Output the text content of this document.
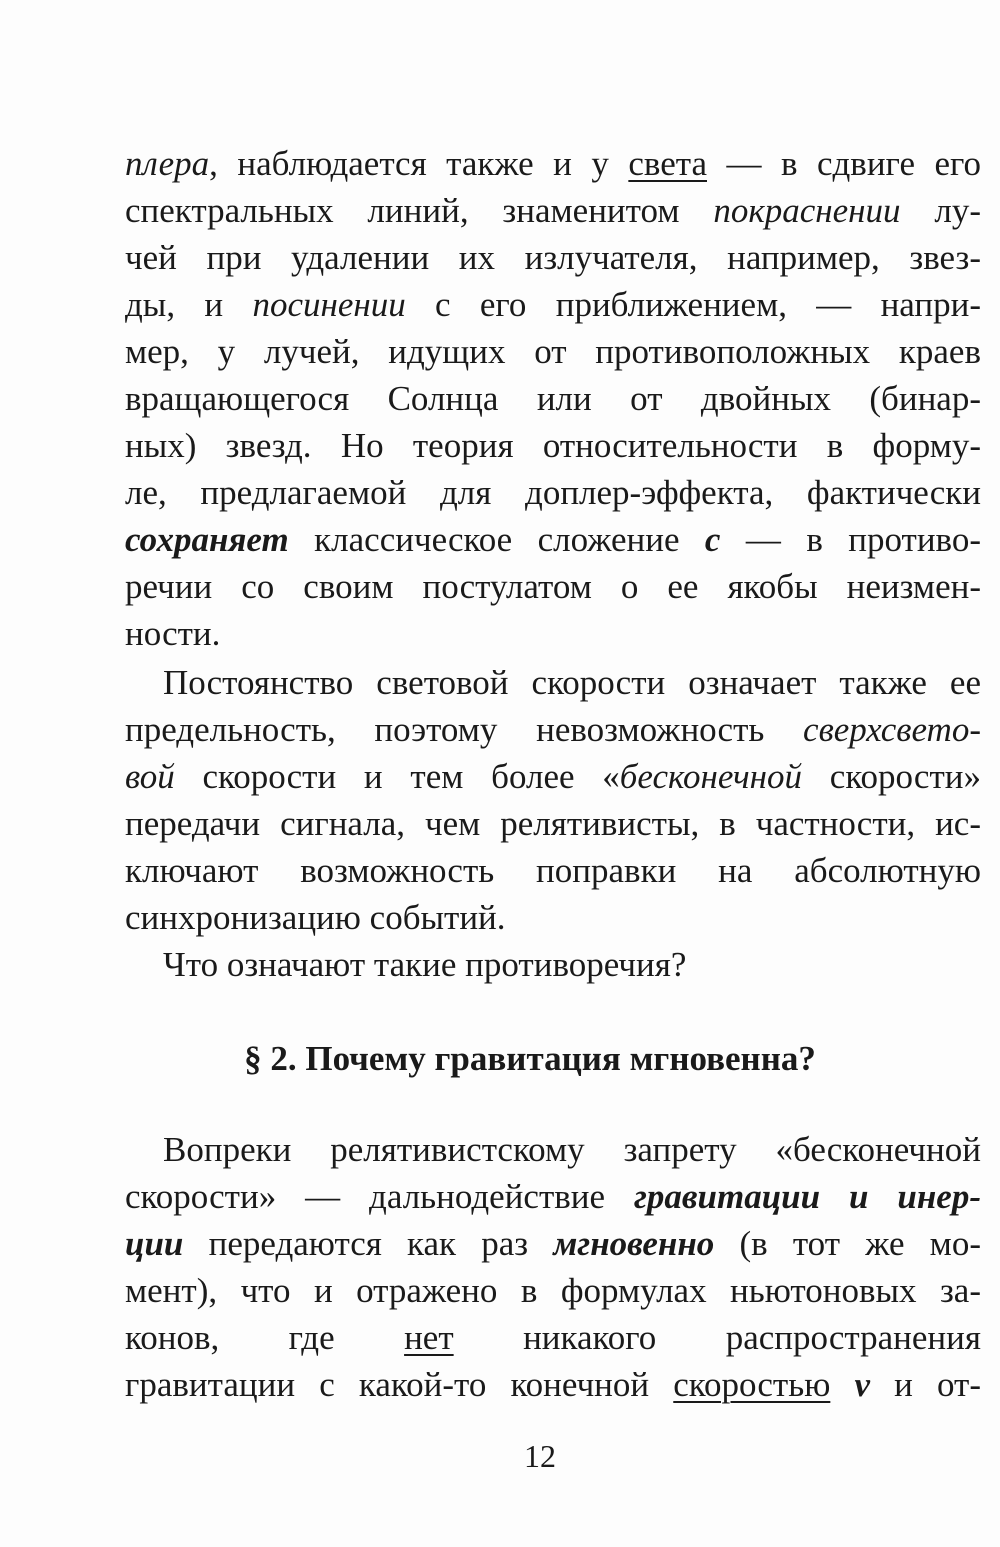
плера, наблюдается также и у света — в сдвиге его
спектральных линий, знаменитом покраснении лу-
чей при удалении их излучателя, например, звез-
ды, и посинении с его приближением, — напри-
мер, у лучей, идущих от противоположных краев
вращающегося Солнца или от двойных (бинар-
ных) звезд. Но теория относительности в форму-
ле, предлагаемой для доплер-эффекта, фактически
сохраняет классическое сложение с — в противо-
речии со своим постулатом о ее якобы неизмен-
ности.
Постоянство световой скорости означает также ее
предельность, поэтому невозможность сверхсвето-
вой скорости и тем более «бесконечной скорости»
передачи сигнала, чем релятивисты, в частности, ис-
ключают возможность поправки на абсолютную
синхронизацию событий.
Что означают такие противоречия?
§ 2. Почему гравитация мгновенна?
Вопреки релятивистскому запрету «бесконечной
скорости» — дальнодействие гравитации и инер-
ции передаются как раз мгновенно (в тот же мо-
мент), что и отражено в формулах ньютоновых за-
конов, где нет никакого распространения
гравитации с какой-то конечной скоростью v и от-
12
